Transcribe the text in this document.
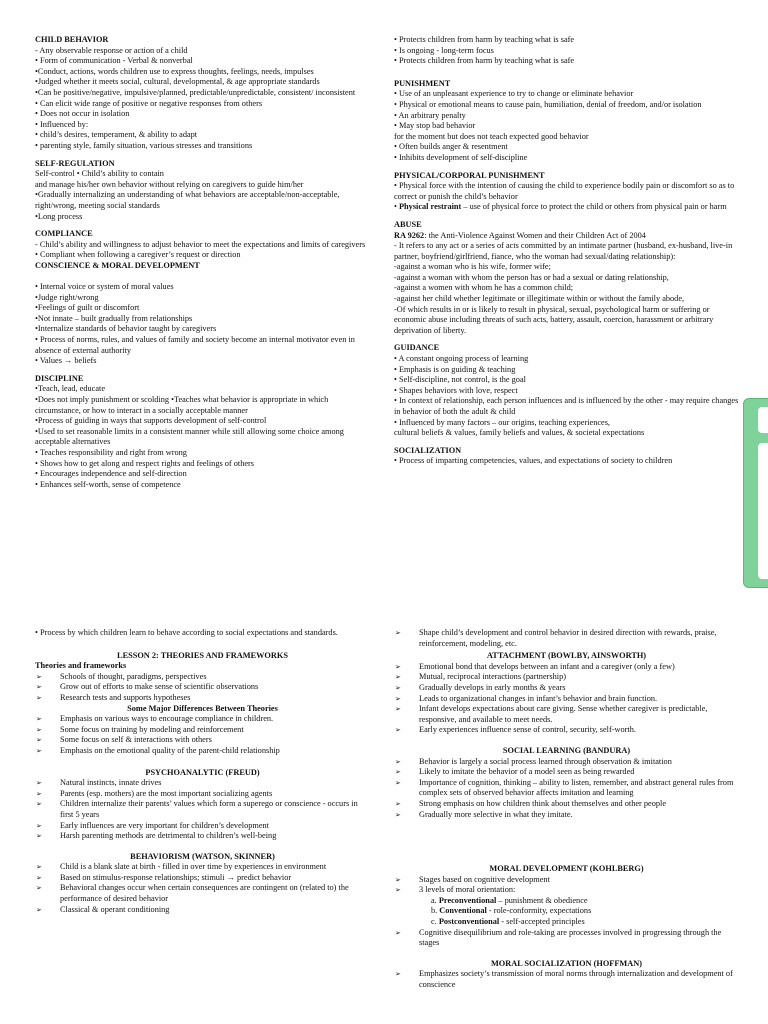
CHILD BEHAVIOR

- Any observable response or action of a child

• Form of communication - Verbal & nonverbal

•Conduct, actions, words children use to express thoughts, feelings, needs, impulses

•Judged whether it meets social, cultural, developmental, & age appropriate standards

•Can be positive/negative, impulsive/planned, predictable/unpredictable, consistent/ inconsistent

• Can elicit wide range of positive or negative responses from others

• Does not occur in isolation

• Influenced by:

• child’s desires, temperament, & ability to adapt

• parenting style, family situation, various stresses and transitions

SELF-REGULATION

Self-control • Child’s ability to contain

and manage his/her own behavior without relying on caregivers to guide him/her

•Gradually internalizing an understanding of what behaviors are acceptable/non-acceptable, right/wrong, meeting social standards

•Long process

COMPLIANCE

- Child’s ability and willingness to adjust behavior to meet the expectations and limits of caregivers

• Compliant when following a caregiver’s request or direction

CONSCIENCE & MORAL DEVELOPMENT

• Internal voice or system of moral values

•Judge right/wrong

•Feelings of guilt or discomfort

•Not innate – built gradually from relationships

•Internalize standards of behavior taught by caregivers

• Process of norms, rules, and values of family and society become an internal motivator even in absence of external authority

• Values → beliefs

DISCIPLINE

•Teach, lead, educate

•Does not imply punishment or scolding •Teaches what behavior is appropriate in which circumstance, or how to interact in a socially acceptable manner

•Process of guiding in ways that supports development of self-control

•Used to set reasonable limits in a consistent manner while still allowing some choice among acceptable alternatives

• Teaches responsibility and right from wrong

• Shows how to get along and respect rights and feelings of others

• Encourages independence and self-direction

• Enhances self-worth, sense of competence

• Protects children from harm by teaching what is safe

• Is ongoing - long-term focus

• Protects children from harm by teaching what is safe

PUNISHMENT

• Use of an unpleasant experience to try to change or eliminate behavior

• Physical or emotional means to cause pain, humiliation, denial of freedom, and/or isolation

• An arbitrary penalty

• May stop bad behavior

for the moment but does not teach expected good behavior

• Often builds anger & resentment

• Inhibits development of self-discipline

PHYSICAL/CORPORAL PUNISHMENT

• Physical force with the intention of causing the child to experience bodily pain or discomfort so as to correct or punish the child’s behavior

• Physical restraint – use of physical force to protect the child or others from physical pain or harm

ABUSE

RA 9262: the Anti-Violence Against Women and their Children Act of 2004

- It refers to any act or a series of acts committed by an intimate partner (husband, ex-husband, live-in partner, boyfriend/girlfriend, fiance, who the woman had sexual/dating relationship):

-against a woman who is his wife, former wife;

-against a woman with whom the person has or had a sexual or dating relationship,

-against a women with whom he has a common child;

-against her child whether legitimate or illegitimate within or without the family abode,

-Of which results in or is likely to result in physical, sexual, psychological harm or suffering or economic abuse including threats of such acts, battery, assault, coercion, harassment or arbitrary deprivation of liberty.

GUIDANCE

• A constant ongoing process of learning

• Emphasis is on guiding & teaching

• Self-discipline, not control, is the goal

• Shapes behaviors with love, respect

• In context of relationship, each person influences and is influenced by the other - may require changes in behavior of both the adult & child

• Influenced by many factors – our origins, teaching experiences,

cultural beliefs & values, family beliefs and values, & societal expectations

SOCIALIZATION

• Process of imparting competencies, values, and expectations of society to children

• Process by which children learn to behave according to social expectations and standards.

LESSON 2: THEORIES AND FRAMEWORKS

Theories and frameworks

➢ Schools of thought, paradigms, perspectives
➢ Grow out of efforts to make sense of scientific observations
➢ Research tests and supports hypotheses

Some Major Differences Between Theories

➢ Emphasis on various ways to encourage compliance in children.
➢ Some focus on training by modeling and reinforcement
➢ Some focus on self & interactions with others
➢ Emphasis on the emotional quality of the parent-child relationship

PSYCHOANALYTIC (FREUD)

➢ Natural instincts, innate drives
➢ Parents (esp. mothers) are the most important socializing agents
➢ Children internalize their parents’ values which form a superego or conscience - occurs in first 5 years
➢ Early influences are very important for children’s development
➢ Harsh parenting methods are detrimental to children’s well-being

BEHAVIORISM (WATSON, SKINNER)

➢ Child is a blank slate at birth - filled in over time by experiences in environment
➢ Based on stimulus-response relationships; stimuli → predict behavior
➢ Behavioral changes occur when certain consequences are contingent on (related to) the performance of desired behavior
➢ Classical & operant conditioning
➢ Shape child’s development and control behavior in desired direction with rewards, praise, reinforcement, modeling, etc.

ATTACHMENT (BOWLBY, AINSWORTH)

➢ Emotional bond that develops between an infant and a caregiver (only a few)
➢ Mutual, reciprocal interactions (partnership)
➢ Gradually develops in early months & years
➢ Leads to organizational changes in infant’s behavior and brain function.
➢ Infant develops expectations about care giving. Sense whether caregiver is predictable, responsive, and available to meet needs.
➢ Early experiences influence sense of control, security, self-worth.

SOCIAL LEARNING (BANDURA)

➢ Behavior is largely a social process learned through observation & imitation
➢ Likely to imitate the behavior of a model seen as being rewarded
➢ Importance of cognition, thinking – ability to listen, remember, and abstract general rules from complex sets of observed behavior affects imitation and learning
➢ Strong emphasis on how children think about themselves and other people
➢ Gradually more selective in what they imitate.

MORAL DEVELOPMENT (KOHLBERG)

➢ Stages based on cognitive development
➢ 3 levels of moral orientation:
a. Preconventional – punishment & obedience
b. Conventional - role-conformity, expectations
c. Postconventional - self-accepted principles
➢ Cognitive disequilibrium and role-taking are processes involved in progressing through the stages

MORAL SOCIALIZATION (HOFFMAN)

➢ Emphasizes society’s transmission of moral norms through internalization and development of conscience
